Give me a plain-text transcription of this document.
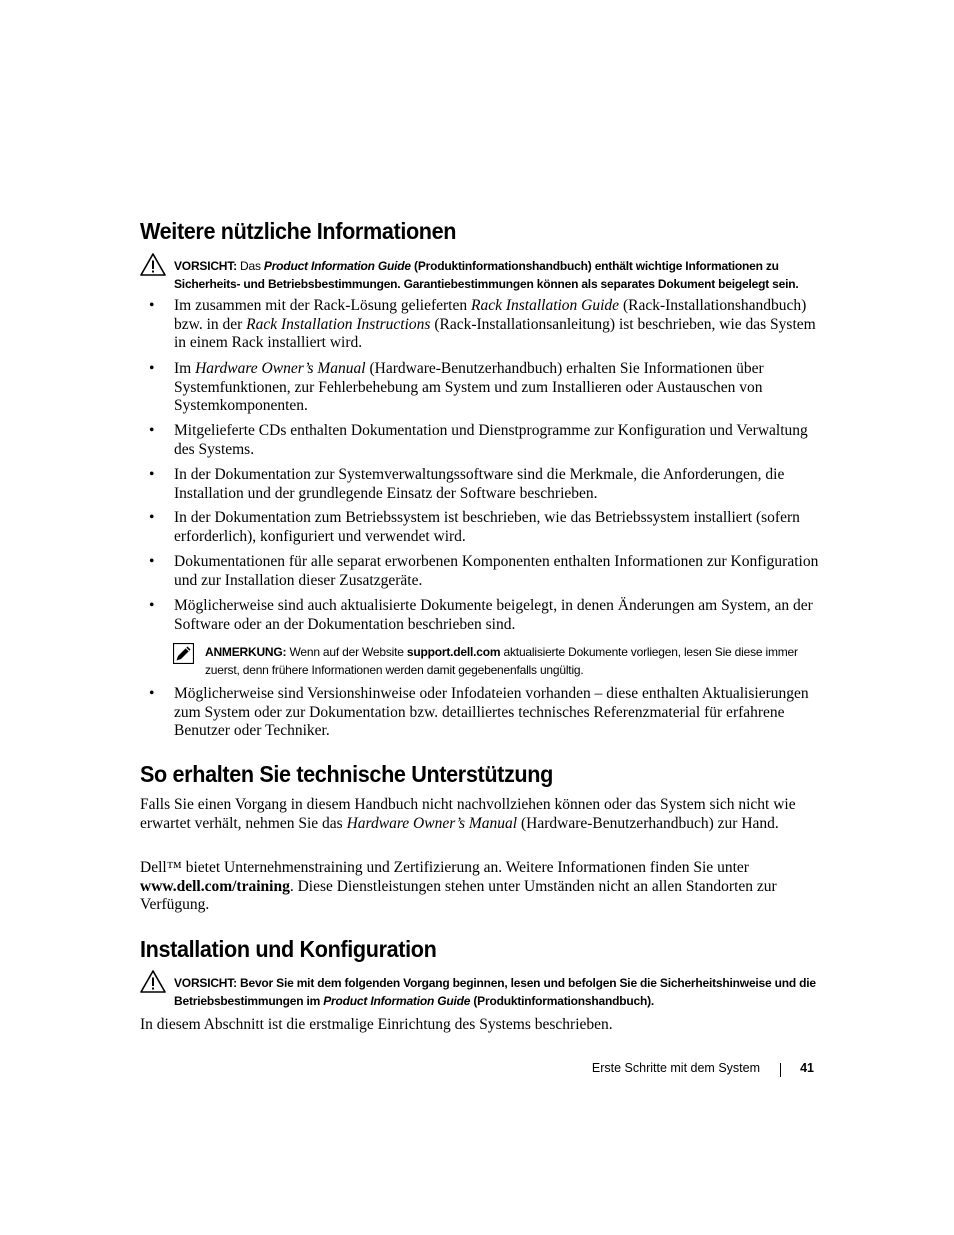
Weitere nützliche Informationen
VORSICHT: Das Product Information Guide (Produktinformationshandbuch) enthält wichtige Informationen zu Sicherheits- und Betriebsbestimmungen. Garantiebestimmungen können als separates Dokument beigelegt sein.
• Im zusammen mit der Rack-Lösung gelieferten Rack Installation Guide (Rack-Installationshandbuch) bzw. in der Rack Installation Instructions (Rack-Installationsanleitung) ist beschrieben, wie das System in einem Rack installiert wird.
• Im Hardware Owner’s Manual (Hardware-Benutzerhandbuch) erhalten Sie Informationen über Systemfunktionen, zur Fehlerbehebung am System und zum Installieren oder Austauschen von Systemkomponenten.
• Mitgelieferte CDs enthalten Dokumentation und Dienstprogramme zur Konfiguration und Verwaltung des Systems.
• In der Dokumentation zur Systemverwaltungssoftware sind die Merkmale, die Anforderungen, die Installation und der grundlegende Einsatz der Software beschrieben.
• In der Dokumentation zum Betriebssystem ist beschrieben, wie das Betriebssystem installiert (sofern erforderlich), konfiguriert und verwendet wird.
• Dokumentationen für alle separat erworbenen Komponenten enthalten Informationen zur Konfiguration und zur Installation dieser Zusatzgeräte.
• Möglicherweise sind auch aktualisierte Dokumente beigelegt, in denen Änderungen am System, an der Software oder an der Dokumentation beschrieben sind.
ANMERKUNG: Wenn auf der Website support.dell.com aktualisierte Dokumente vorliegen, lesen Sie diese immer zuerst, denn frühere Informationen werden damit gegebenenfalls ungültig.
• Möglicherweise sind Versionshinweise oder Infodateien vorhanden – diese enthalten Aktualisierungen zum System oder zur Dokumentation bzw. detailliertes technisches Referenzmaterial für erfahrene Benutzer oder Techniker.
So erhalten Sie technische Unterstützung

Falls Sie einen Vorgang in diesem Handbuch nicht nachvollziehen können oder das System sich nicht wie erwartet verhält, nehmen Sie das Hardware Owner’s Manual (Hardware-Benutzerhandbuch) zur Hand.

Dell™ bietet Unternehmenstraining und Zertifizierung an. Weitere Informationen finden Sie unter www.dell.com/training. Diese Dienstleistungen stehen unter Umständen nicht an allen Standorten zur Verfügung.

Installation und Konfiguration
VORSICHT: Bevor Sie mit dem folgenden Vorgang beginnen, lesen und befolgen Sie die Sicherheitshinweise und die Betriebsbestimmungen im Product Information Guide (Produktinformationshandbuch).

In diesem Abschnitt ist die erstmalige Einrichtung des Systems beschrieben.

Erste Schritte mit dem System	41
